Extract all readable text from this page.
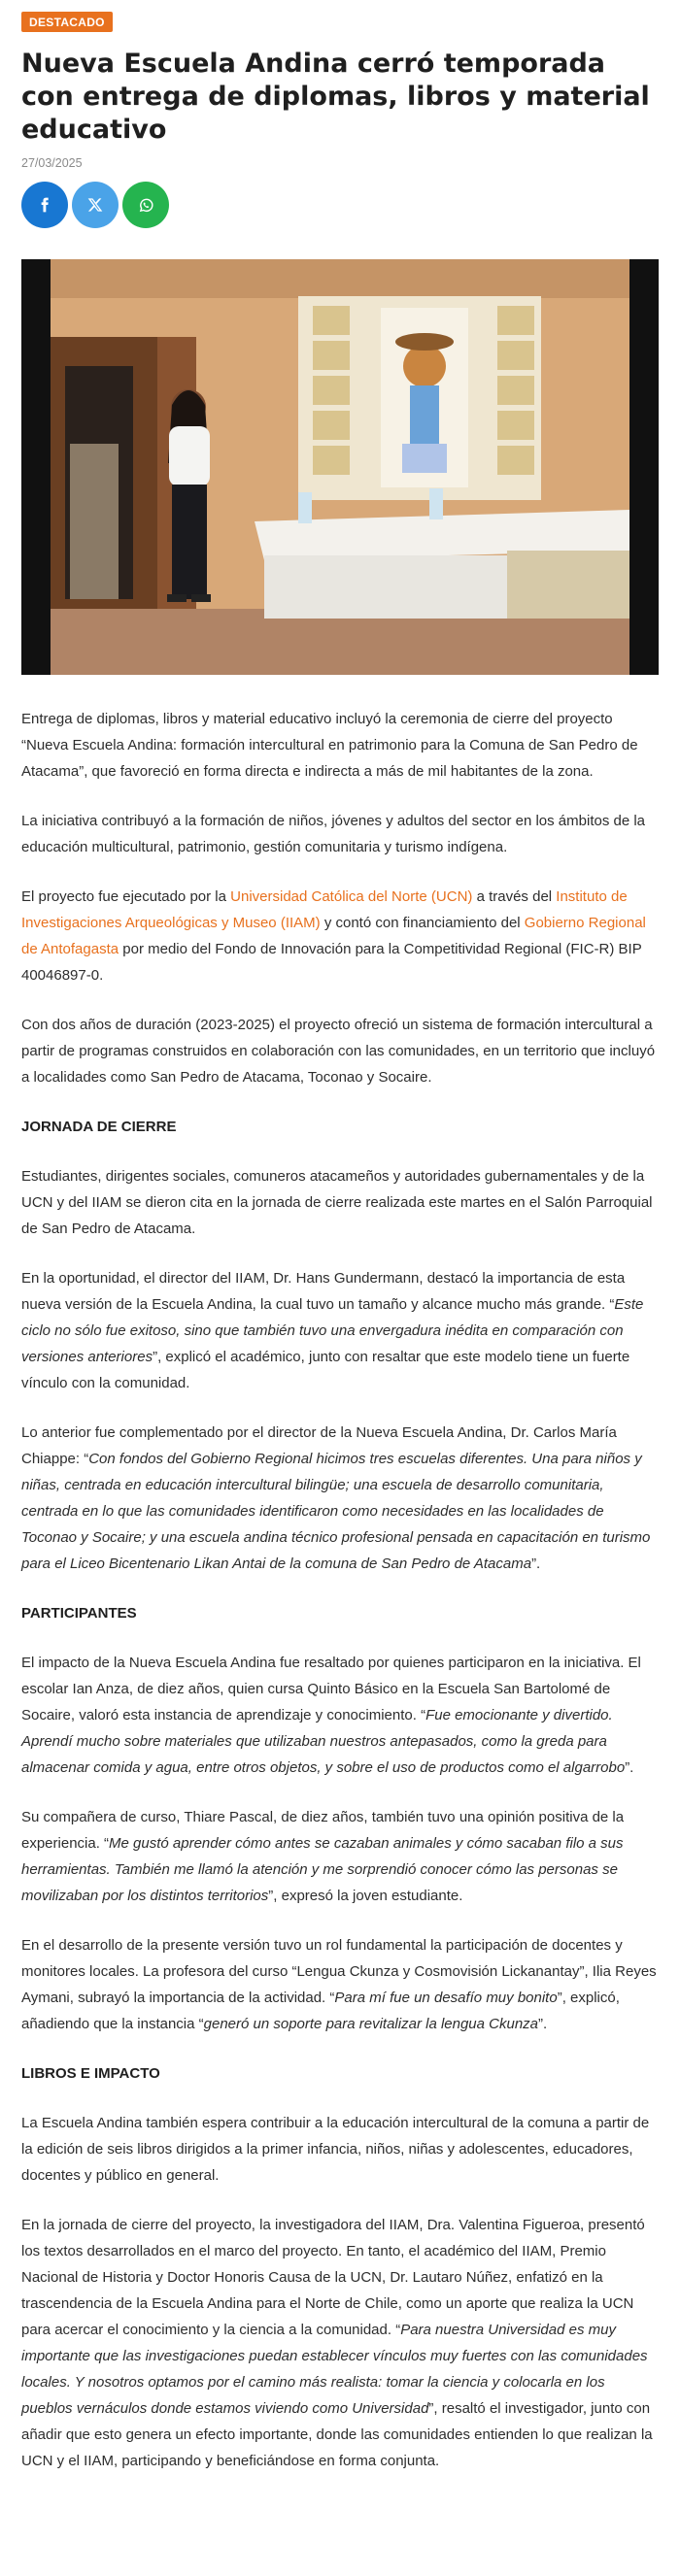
DESTACADO
Nueva Escuela Andina cerró temporada con entrega de diplomas, libros y material educativo
27/03/2025

Entrega de diplomas, libros y material educativo incluyó la ceremonia de cierre del proyecto “Nueva Escuela Andina: formación intercultural en patrimonio para la Comuna de San Pedro de Atacama”, que favoreció en forma directa e indirecta a más de mil habitantes de la zona.

La iniciativa contribuyó a la formación de niños, jóvenes y adultos del sector en los ámbitos de la educación multicultural, patrimonio, gestión comunitaria y turismo indígena.

El proyecto fue ejecutado por la Universidad Católica del Norte (UCN) a través del Instituto de Investigaciones Arqueológicas y Museo (IIAM) y contó con financiamiento del Gobierno Regional de Antofagasta por medio del Fondo de Innovación para la Competitividad Regional (FIC-R) BIP 40046897-0.

Con dos años de duración (2023-2025) el proyecto ofreció un sistema de formación intercultural a partir de programas construidos en colaboración con las comunidades, en un territorio que incluyó a localidades como San Pedro de Atacama, Toconao y Socaire.

JORNADA DE CIERRE

Estudiantes, dirigentes sociales, comuneros atacameños y autoridades gubernamentales y de la UCN y del IIAM se dieron cita en la jornada de cierre realizada este martes en el Salón Parroquial de San Pedro de Atacama.

En la oportunidad, el director del IIAM, Dr. Hans Gundermann, destacó la importancia de esta nueva versión de la Escuela Andina, la cual tuvo un tamaño y alcance mucho más grande. “Este ciclo no sólo fue exitoso, sino que también tuvo una envergadura inédita en comparación con versiones anteriores”, explicó el académico, junto con resaltar que este modelo tiene un fuerte vínculo con la comunidad.

Lo anterior fue complementado por el director de la Nueva Escuela Andina, Dr. Carlos María Chiappe: “Con fondos del Gobierno Regional hicimos tres escuelas diferentes. Una para niños y niñas, centrada en educación intercultural bilingüe; una escuela de desarrollo comunitaria, centrada en lo que las comunidades identificaron como necesidades en las localidades de Toconao y Socaire; y una escuela andina técnico profesional pensada en capacitación en turismo para el Liceo Bicentenario Likan Antai de la comuna de San Pedro de Atacama”.

PARTICIPANTES

El impacto de la Nueva Escuela Andina fue resaltado por quienes participaron en la iniciativa. El escolar Ian Anza, de diez años, quien cursa Quinto Básico en la Escuela San Bartolomé de Socaire, valoró esta instancia de aprendizaje y conocimiento. “Fue emocionante y divertido. Aprendí mucho sobre materiales que utilizaban nuestros antepasados, como la greda para almacenar comida y agua, entre otros objetos, y sobre el uso de productos como el algarrobo”.

Su compañera de curso, Thiare Pascal, de diez años, también tuvo una opinión positiva de la experiencia. “Me gustó aprender cómo antes se cazaban animales y cómo sacaban filo a sus herramientas. También me llamó la atención y me sorprendió conocer cómo las personas se movilizaban por los distintos territorios”, expresó la joven estudiante.

En el desarrollo de la presente versión tuvo un rol fundamental la participación de docentes y monitores locales. La profesora del curso “Lengua Ckunza y Cosmovisión Lickanantay”, Ilia Reyes Aymani, subrayó la importancia de la actividad. “Para mí fue un desafío muy bonito”, explicó, añadiendo que la instancia “generó un soporte para revitalizar la lengua Ckunza”.

LIBROS E IMPACTO

La Escuela Andina también espera contribuir a la educación intercultural de la comuna a partir de la edición de seis libros dirigidos a la primer infancia, niños, niñas y adolescentes, educadores, docentes y público en general.

En la jornada de cierre del proyecto, la investigadora del IIAM, Dra. Valentina Figueroa, presentó los textos desarrollados en el marco del proyecto. En tanto, el académico del IIAM, Premio Nacional de Historia y Doctor Honoris Causa de la UCN, Dr. Lautaro Núñez, enfatizó en la trascendencia de la Escuela Andina para el Norte de Chile, como un aporte que realiza la UCN para acercar el conocimiento y la ciencia a la comunidad. “Para nuestra Universidad es muy importante que las investigaciones puedan establecer vínculos muy fuertes con las comunidades locales. Y nosotros optamos por el camino más realista: tomar la ciencia y colocarla en los pueblos vernáculos donde estamos viviendo como Universidad”, resaltó el investigador, junto con añadir que esto genera un efecto importante, donde las comunidades entienden lo que realizan la UCN y el IIAM, participando y beneficiándose en forma conjunta.
